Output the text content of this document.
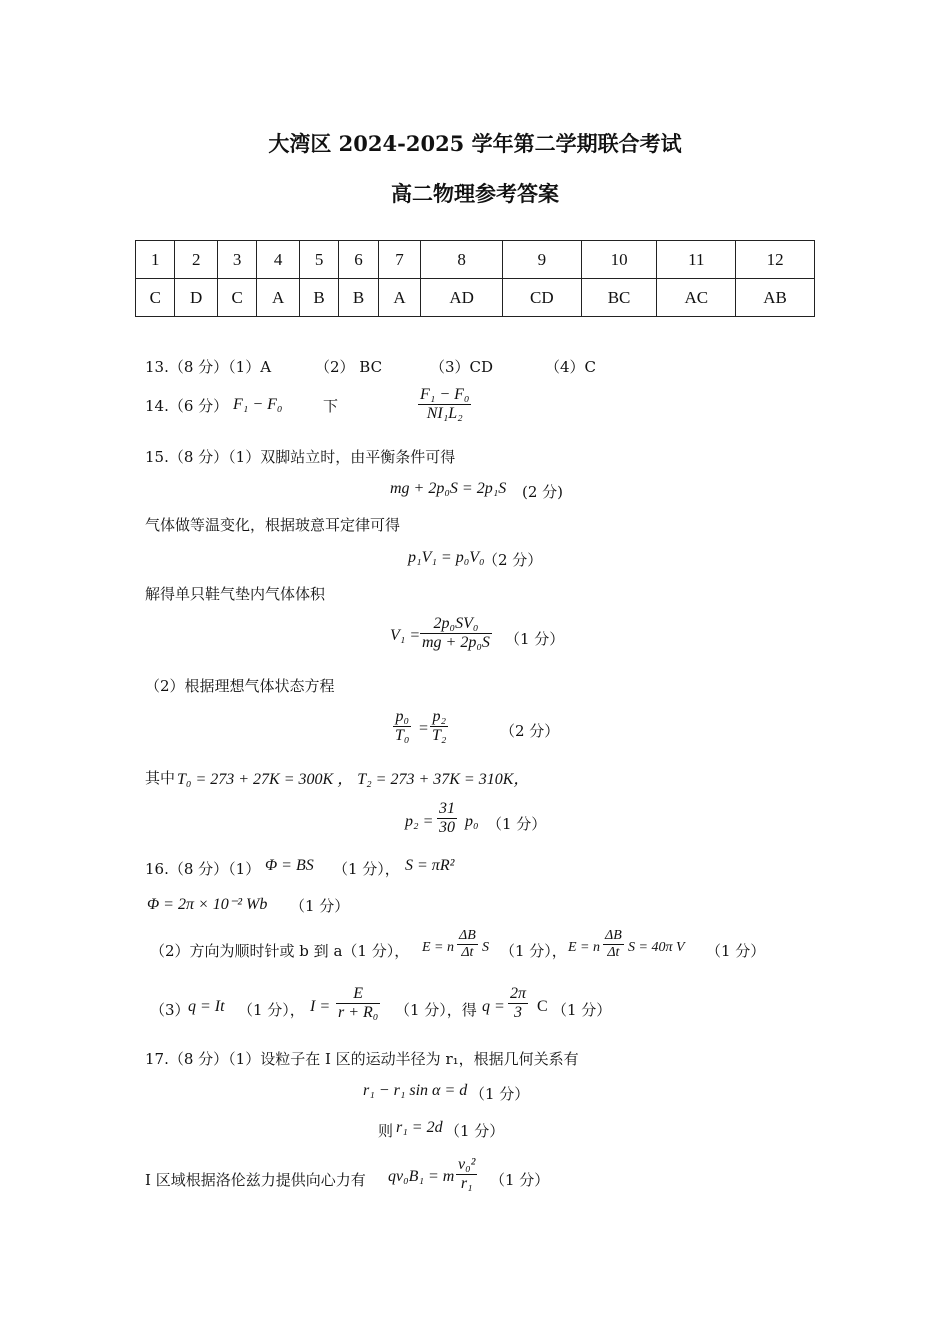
大湾区 2024-2025 学年第二学期联合考试
高二物理参考答案
1	2	3	4	5	6	7	8	9	10	11	12
C	D	C	A	B	B	A	AD	CD	BC	AC	AB
13.（8 分）（1）A	（2） BC	（3）CD	（4）C
14.（6 分） F₁ − F₀	下	$\frac{\text{F₁ − F₀}}{\text{NI₁L₂}}$
15.（8 分）（1）双脚站立时，由平衡条件可得
mg + 2p₀S = 2p₁S (2 分)
气体做等温变化，根据玻意耳定律可得
p₁V₁ = p₀V₀
（2 分）
解得单只鞋气垫内气体体积
$V_1 = \frac{\text{2p₀SV₀}}{\text{mg + 2p₀S}} (1$ 分）
（2）根据理想气体状态方程
$\frac{\text{p₀}}{\text{T₀}} = \frac{\text{p₂}}{\text{T₂}}$	（2 分）
其中 T₀ = 273 + 27K = 300K ， T₂ = 273 + 37K = 310K，
$p_2 = \frac{31}{30} p_0$ （1 分）
16.（8 分）（1） Φ = BS （1 分）， S = πR²
Φ = 2π × 10⁻² Wb （1 分）
（2）方向为顺时针或 b 到 a（1 分）， E = n $\frac{\Delta B}{\Delta t}$ S （1 分）， E = n $\frac{\Delta B}{\Delta t}$ S = 40π V （1 分）
（3）
q = It （1 分）， $I = \frac{E}{\text{r + R₀}} (1$ 分），得 $q = \frac{2\pi}{3}$ C （1 分）
17.（8 分）（1）设粒子在 I 区的运动半径为 r₁，根据几何关系有
r₁ − r₁ sin α = d （1 分）
则 r₁ = 2d （1 分）
I 区域根据洛伦兹力提供向心力有 qv₀B₁ = m $\frac{\text{v₀²}}{\text{r₁}} (1$ 分）
